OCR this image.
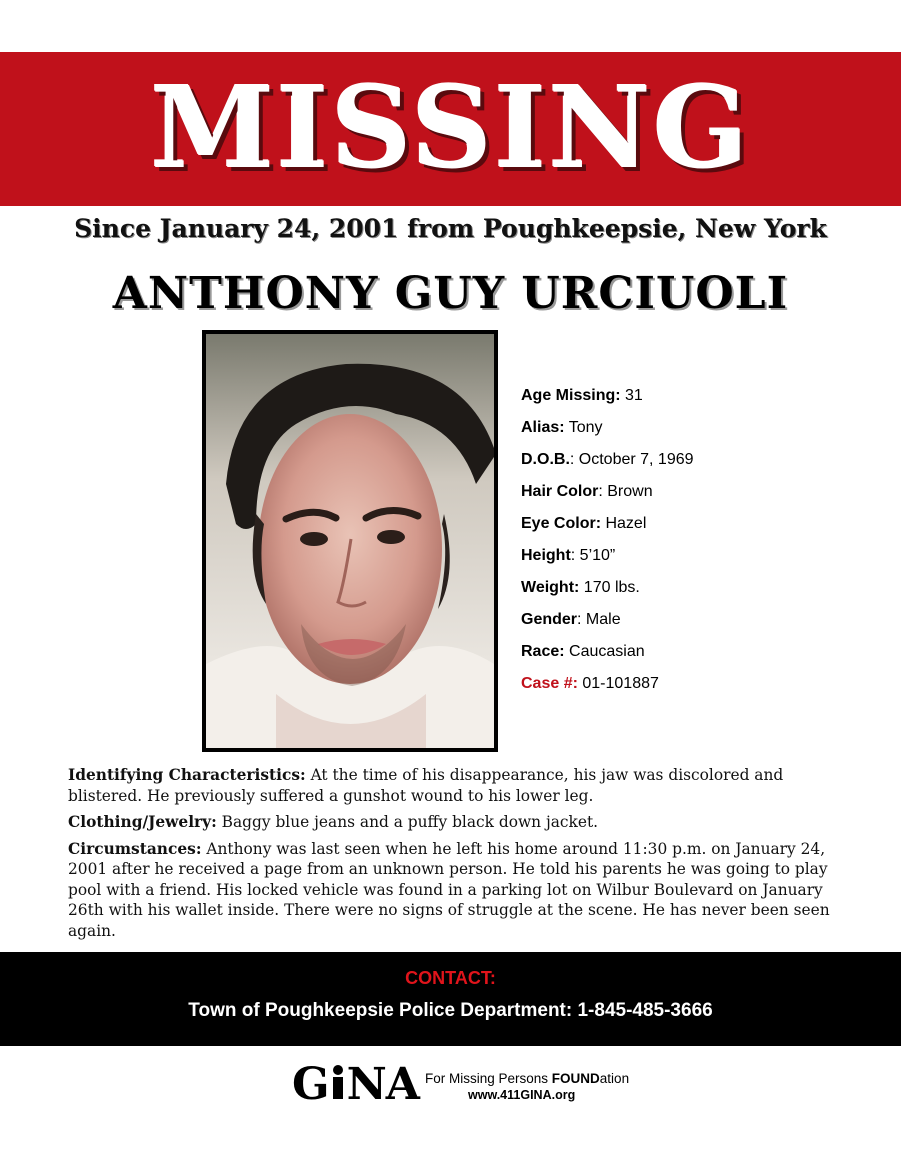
MISSING
Since January 24, 2001 from Poughkeepsie, New York
ANTHONY GUY URCIUOLI
Age Missing: 31
Alias: Tony
D.O.B.: October 7, 1969
Hair Color: Brown
Eye Color: Hazel
Height: 5’10”
Weight: 170 lbs.
Gender: Male
Race: Caucasian
Case #: 01-101887

Identifying Characteristics: At the time of his disappearance, his jaw was discolored and blistered. He previously suffered a gunshot wound to his lower leg.

Clothing/Jewelry: Baggy blue jeans and a puffy black down jacket.

Circumstances: Anthony was last seen when he left his home around 11:30 p.m. on January 24, 2001 after he received a page from an unknown person. He told his parents he was going to play pool with a friend. His locked vehicle was found in a parking lot on Wilbur Boulevard on January 26th with his wallet inside. There were no signs of struggle at the scene. He has never been seen again.

CONTACT:
Town of Poughkeepsie Police Department: 1-845-485-3666
G NA For Missing Persons FOUNDation
www.411GINA.org
